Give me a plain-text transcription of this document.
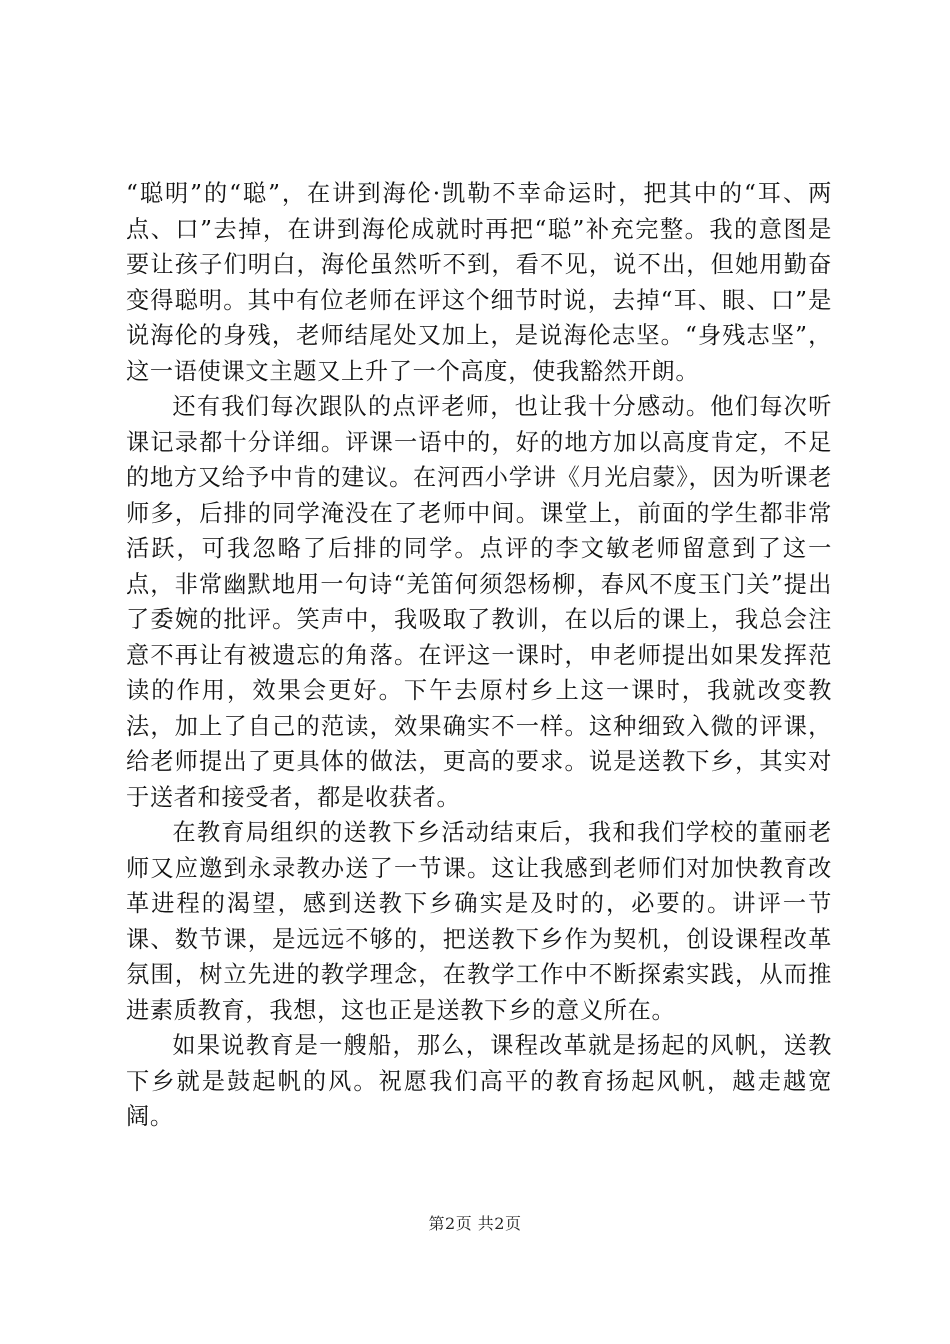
“聪明”的“聪”，在讲到海伦·凯勒不幸命运时，把其中的“耳、两点、口”去掉，在讲到海伦成就时再把“聪”补充完整。我的意图是要让孩子们明白，海伦虽然听不到，看不见，说不出，但她用勤奋变得聪明。其中有位老师在评这个细节时说，去掉“耳、眼、口”是说海伦的身残，老师结尾处又加上，是说海伦志坚。“身残志坚”，这一语使课文主题又上升了一个高度，使我豁然开朗。

还有我们每次跟队的点评老师，也让我十分感动。他们每次听课记录都十分详细。评课一语中的，好的地方加以高度肯定，不足的地方又给予中肯的建议。在河西小学讲《月光启蒙》，因为听课老师多，后排的同学淹没在了老师中间。课堂上，前面的学生都非常活跃，可我忽略了后排的同学。点评的李文敏老师留意到了这一点，非常幽默地用一句诗“羌笛何须怨杨柳，春风不度玉门关”提出了委婉的批评。笑声中，我吸取了教训，在以后的课上，我总会注意不再让有被遗忘的角落。在评这一课时，申老师提出如果发挥范读的作用，效果会更好。下午去原村乡上这一课时，我就改变教法，加上了自己的范读，效果确实不一样。这种细致入微的评课，给老师提出了更具体的做法，更高的要求。说是送教下乡，其实对于送者和接受者，都是收获者。

在教育局组织的送教下乡活动结束后，我和我们学校的董丽老师又应邀到永录教办送了一节课。这让我感到老师们对加快教育改革进程的渴望，感到送教下乡确实是及时的，必要的。讲评一节课、数节课，是远远不够的，把送教下乡作为契机，创设课程改革氛围，树立先进的教学理念，在教学工作中不断探索实践，从而推进素质教育，我想，这也正是送教下乡的意义所在。

如果说教育是一艘船，那么，课程改革就是扬起的风帆，送教下乡就是鼓起帆的风。祝愿我们高平的教育扬起风帆，越走越宽阔。

第2页 共2页
